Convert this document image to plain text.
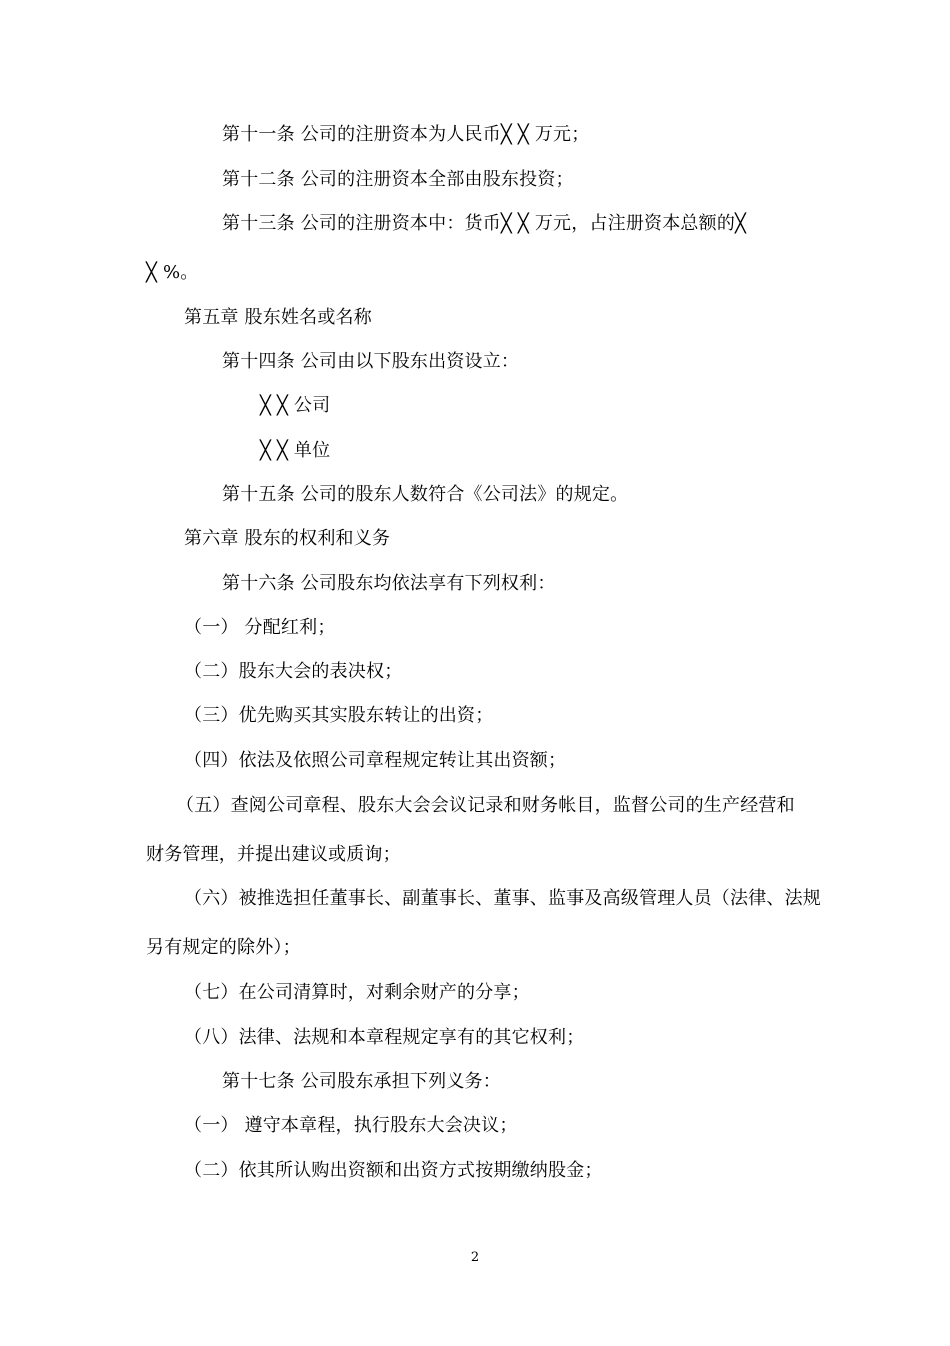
第十一条 公司的注册资本为人民币╳ ╳ 万元；
第十二条 公司的注册资本全部由股东投资；
第十三条 公司的注册资本中：货币╳ ╳ 万元，占注册资本总额的╳
╳ %。
第五章 股东姓名或名称
第十四条 公司由以下股东出资设立：
╳ ╳ 公司
╳ ╳ 单位
第十五条 公司的股东人数符合《公司法》的规定。
第六章 股东的权利和义务
第十六条 公司股东均依法享有下列权利：
（一） 分配红利；
（二）股东大会的表决权；
（三）优先购买其实股东转让的出资；
（四）依法及依照公司章程规定转让其出资额；
（五）查阅公司章程、股东大会会议记录和财务帐目，监督公司的生产经营和
财务管理，并提出建议或质询；
（六）被推选担任董事长、副董事长、董事、监事及高级管理人员（法律、法规
另有规定的除外）；
（七）在公司清算时，对剩余财产的分享；
（八）法律、法规和本章程规定享有的其它权利；
第十七条 公司股东承担下列义务：
（一） 遵守本章程，执行股东大会决议；
（二）依其所认购出资额和出资方式按期缴纳股金；
2
